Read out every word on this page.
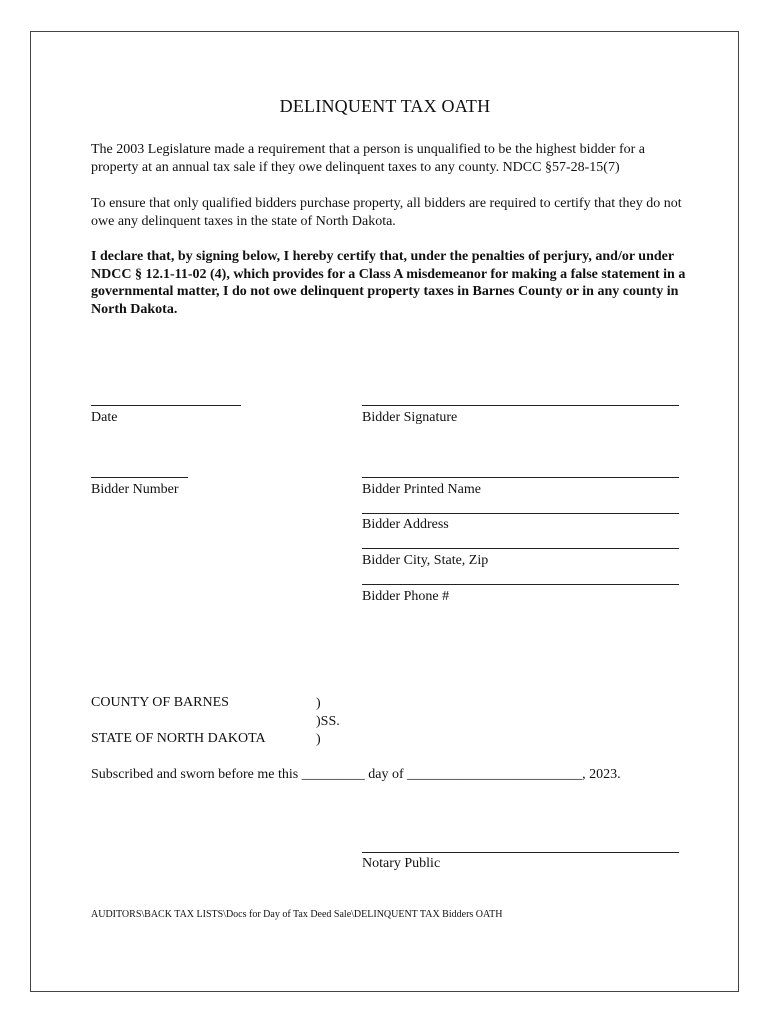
DELINQUENT TAX OATH
The 2003 Legislature made a requirement that a person is unqualified to be the highest bidder for a property at an annual tax sale if they owe delinquent taxes to any county. NDCC §57-28-15(7)
To ensure that only qualified bidders purchase property, all bidders are required to certify that they do not owe any delinquent taxes in the state of North Dakota.
I declare that, by signing below, I hereby certify that, under the penalties of perjury, and/or under NDCC § 12.1-11-02 (4), which provides for a Class A misdemeanor for making a false statement in a governmental matter, I do not owe delinquent property taxes in Barnes County or in any county in North Dakota.
Date	Bidder Signature
Bidder Number	Bidder Printed Name
Bidder Address
Bidder City, State, Zip
Bidder Phone #
COUNTY OF BARNES	)
)SS.
STATE OF NORTH DAKOTA	)
Subscribed and sworn before me this _________ day of _________________________, 2023.
Notary Public
AUDITORS\BACK TAX LISTS\Docs for Day of Tax Deed Sale\DELINQUENT TAX Bidders OATH
